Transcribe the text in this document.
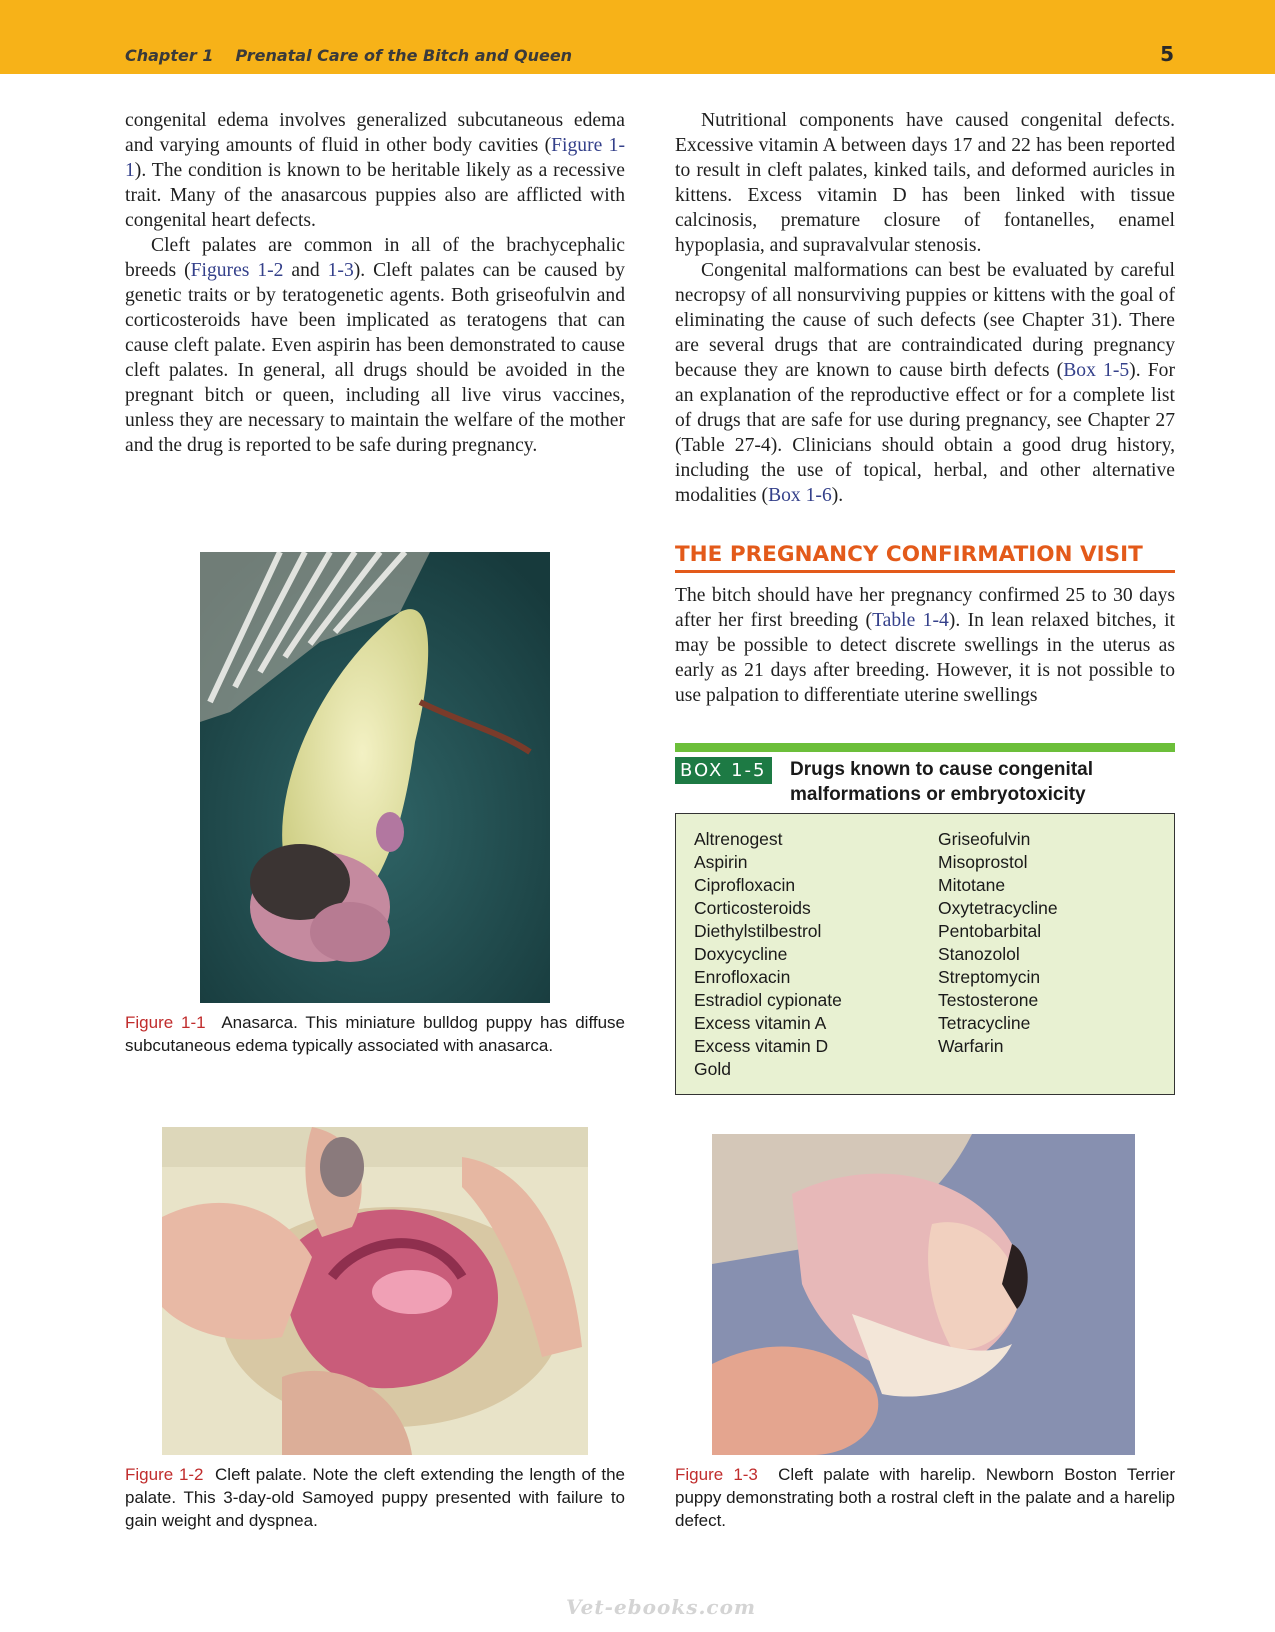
Chapter 1 Prenatal Care of the Bitch and Queen	5

congenital edema involves generalized subcutaneous edema and varying amounts of fluid in other body cavities (Figure 1-1). The condition is known to be heritable likely as a recessive trait. Many of the anasarcous puppies also are afflicted with congenital heart defects.

Cleft palates are common in all of the brachycephalic breeds (Figures 1-2 and 1-3). Cleft palates can be caused by genetic traits or by teratogenetic agents. Both griseofulvin and corticosteroids have been implicated as teratogens that can cause cleft palate. Even aspirin has been demonstrated to cause cleft palates. In general, all drugs should be avoided in the pregnant bitch or queen, including all live virus vaccines, unless they are necessary to maintain the welfare of the mother and the drug is reported to be safe during pregnancy.

Nutritional components have caused congenital defects. Excessive vitamin A between days 17 and 22 has been reported to result in cleft palates, kinked tails, and deformed auricles in kittens. Excess vitamin D has been linked with tissue calcinosis, premature closure of fontanelles, enamel hypoplasia, and supravalvular stenosis.

Congenital malformations can best be evaluated by careful necropsy of all nonsurviving puppies or kittens with the goal of eliminating the cause of such defects (see Chapter 31). There are several drugs that are contraindicated during pregnancy because they are known to cause birth defects (Box 1-5). For an explanation of the reproductive effect or for a complete list of drugs that are safe for use during pregnancy, see Chapter 27 (Table 27-4). Clinicians should obtain a good drug history, including the use of topical, herbal, and other alternative modalities (Box 1-6).

THE PREGNANCY CONFIRMATION VISIT

The bitch should have her pregnancy confirmed 25 to 30 days after her first breeding (Table 1-4). In lean relaxed bitches, it may be possible to detect discrete swellings in the uterus as early as 21 days after breeding. However, it is not possible to use palpation to differentiate uterine swellings

BOX 1-5 Drugs known to cause congenital malformations or embryotoxicity
Altrenogest
Aspirin
Ciprofloxacin
Corticosteroids
Diethylstilbestrol
Doxycycline
Enrofloxacin
Estradiol cypionate
Excess vitamin A
Excess vitamin D
Gold
Griseofulvin
Misoprostol
Mitotane
Oxytetracycline
Pentobarbital
Stanozolol
Streptomycin
Testosterone
Tetracycline
Warfarin
Figure 1-1 Anasarca. This miniature bulldog puppy has diffuse subcutaneous edema typically associated with anasarca.
Figure 1-2 Cleft palate. Note the cleft extending the length of the palate. This 3-day-old Samoyed puppy presented with failure to gain weight and dyspnea.
Figure 1-3 Cleft palate with harelip. Newborn Boston Terrier puppy demonstrating both a rostral cleft in the palate and a harelip defect.
Vet-ebooks.com
